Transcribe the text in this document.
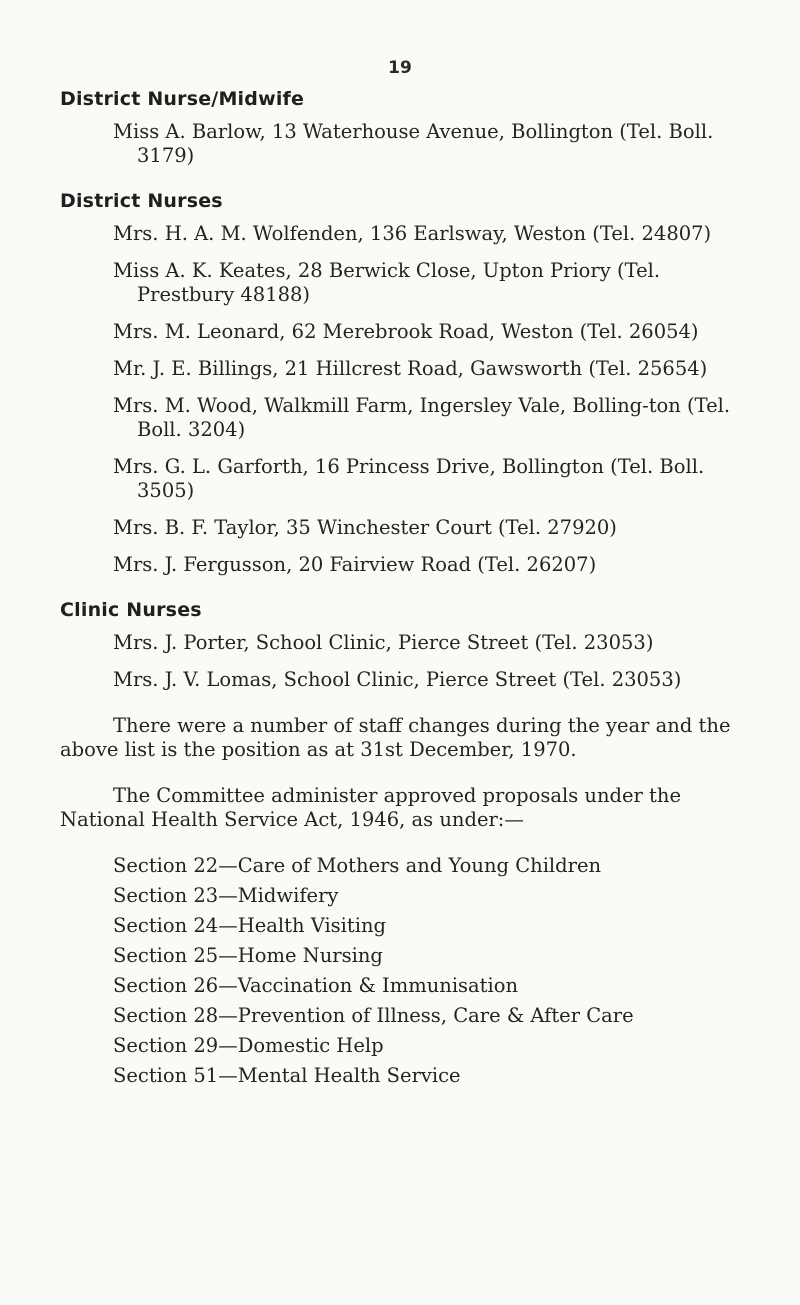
19
District Nurse/Midwife
Miss A. Barlow, 13 Waterhouse Avenue, Bollington (Tel. Boll. 3179)
District Nurses
Mrs. H. A. M. Wolfenden, 136 Earlsway, Weston (Tel. 24807)
Miss A. K. Keates, 28 Berwick Close, Upton Priory (Tel. Prestbury 48188)
Mrs. M. Leonard, 62 Merebrook Road, Weston (Tel. 26054)
Mr. J. E. Billings, 21 Hillcrest Road, Gawsworth (Tel. 25654)
Mrs. M. Wood, Walkmill Farm, Ingersley Vale, Bolling-ton (Tel. Boll. 3204)
Mrs. G. L. Garforth, 16 Princess Drive, Bollington (Tel. Boll. 3505)
Mrs. B. F. Taylor, 35 Winchester Court (Tel. 27920)
Mrs. J. Fergusson, 20 Fairview Road (Tel. 26207)
Clinic Nurses
Mrs. J. Porter, School Clinic, Pierce Street (Tel. 23053)
Mrs. J. V. Lomas, School Clinic, Pierce Street (Tel. 23053)

There were a number of staff changes during the year and the above list is the position as at 31st December, 1970.

The Committee administer approved proposals under the National Health Service Act, 1946, as under:—

Section 22—Care of Mothers and Young Children
Section 23—Midwifery
Section 24—Health Visiting
Section 25—Home Nursing
Section 26—Vaccination & Immunisation
Section 28—Prevention of Illness, Care & After Care
Section 29—Domestic Help
Section 51—Mental Health Service
